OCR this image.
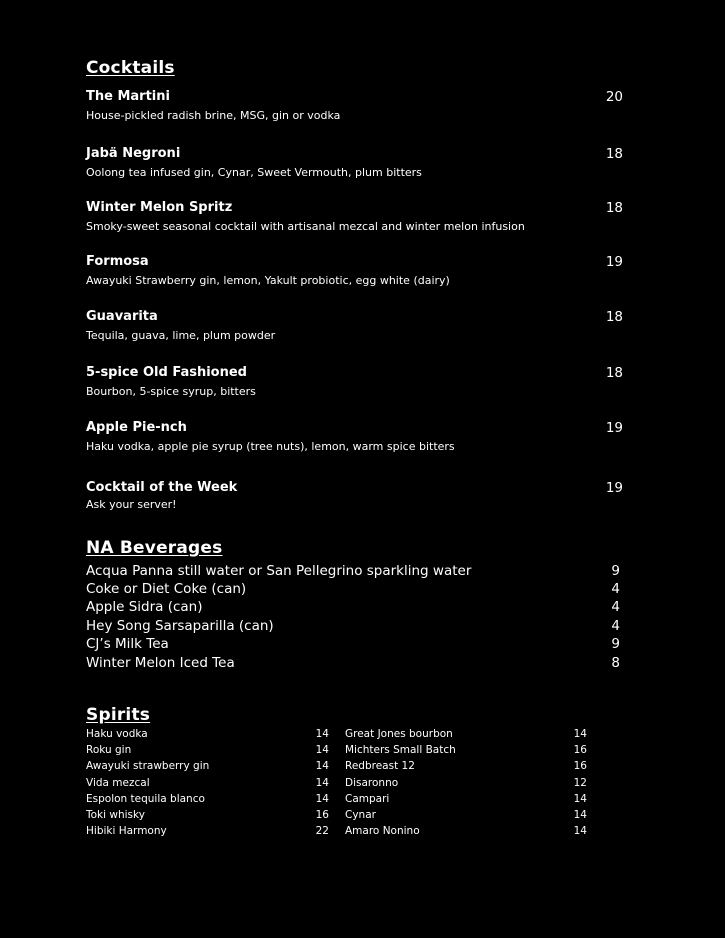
Cocktails
The Martini	20
House-pickled radish brine, MSG, gin or vodka
Jabä Negroni	18
Oolong tea infused gin, Cynar, Sweet Vermouth, plum bitters
Winter Melon Spritz	18
Smoky-sweet seasonal cocktail with artisanal mezcal and winter melon infusion
Formosa	19
Awayuki Strawberry gin, lemon, Yakult probiotic, egg white (dairy)
Guavarita	18
Tequila, guava, lime, plum powder
5-spice Old Fashioned	18
Bourbon, 5-spice syrup, bitters
Apple Pie-nch	19
Haku vodka, apple pie syrup (tree nuts), lemon, warm spice bitters
Cocktail of the Week	19
Ask your server!
NA Beverages
Acqua Panna still water or San Pellegrino sparkling water	9
Coke or Diet Coke (can)	4
Apple Sidra (can)	4
Hey Song Sarsaparilla (can)	4
CJ’s Milk Tea	9
Winter Melon Iced Tea	8
Spirits
Haku vodka	14
Roku gin	14
Awayuki strawberry gin	14
Vida mezcal	14
Espolon tequila blanco	14
Toki whisky	16
Hibiki Harmony	22
Great Jones bourbon	14
Michters Small Batch	16
Redbreast 12	16
Disaronno	12
Campari	14
Cynar	14
Amaro Nonino	14
